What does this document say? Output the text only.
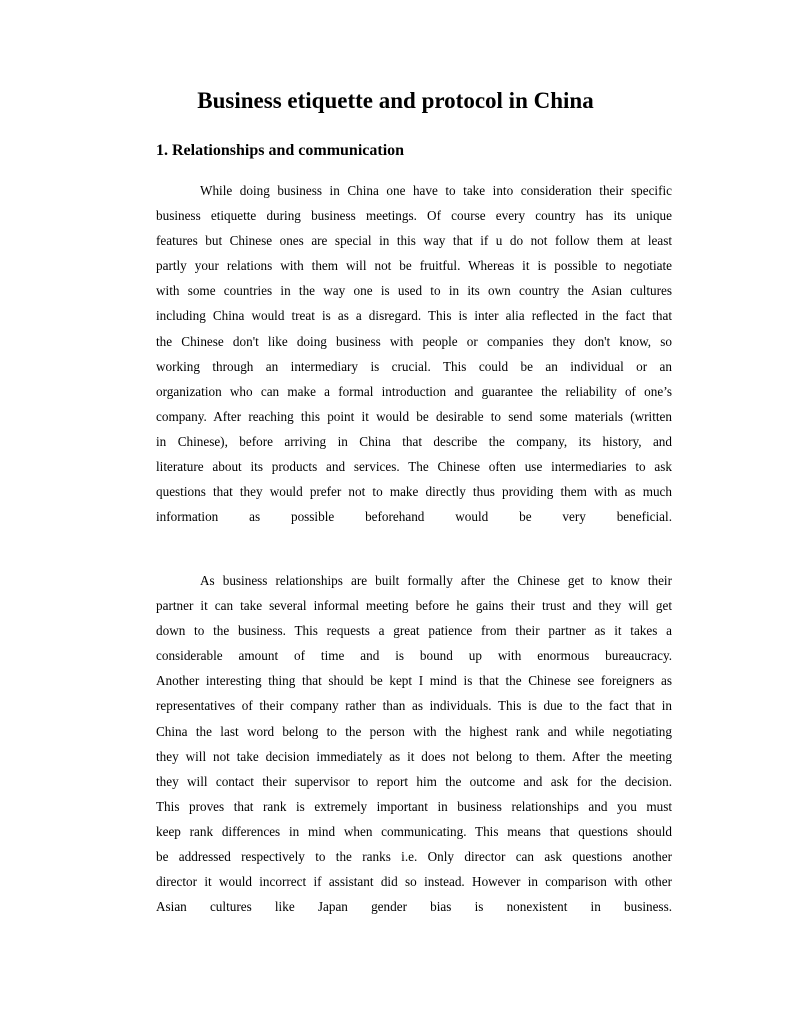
Business etiquette and protocol in China
1. Relationships and communication
While doing business in China one have to take into consideration their specific
business etiquette during business meetings. Of course every country has its unique
features but Chinese ones are special in this way that if u do not follow them at least
partly your relations with them will not be fruitful. Whereas it is possible to negotiate
with some countries in the way one is used to in its own country the Asian cultures
including China would treat is as a disregard. This is inter alia reflected in the fact that
the Chinese don't like doing business with people or companies they don't know, so
working through an intermediary is crucial. This could be an individual or an
organization who can make a formal introduction and guarantee the reliability of one’s
company. After reaching this point it would be desirable to send some materials (written
in Chinese), before arriving in China that describe the company, its history, and
literature about its products and services. The Chinese often use intermediaries to ask
questions that they would prefer not to make directly thus providing them with as much
information as possible beforehand would be very beneficial.
As business relationships are built formally after the Chinese get to know their
partner it can take several informal meeting before he gains their trust and they will get
down to the business. This requests a great patience from their partner as it takes a
considerable amount of time and is bound up with enormous bureaucracy.
Another interesting thing that should be kept I mind is that the Chinese see foreigners as
representatives of their company rather than as individuals. This is due to the fact that in
China the last word belong to the person with the highest rank and while negotiating
they will not take decision immediately as it does not belong to them. After the meeting
they will contact their supervisor to report him the outcome and ask for the decision.
This proves that rank is extremely important in business relationships and you must
keep rank differences in mind when communicating. This means that questions should
be addressed respectively to the ranks i.e. Only director can ask questions another
director it would incorrect if assistant did so instead. However in comparison with other
Asian cultures like Japan gender bias is nonexistent in business.
